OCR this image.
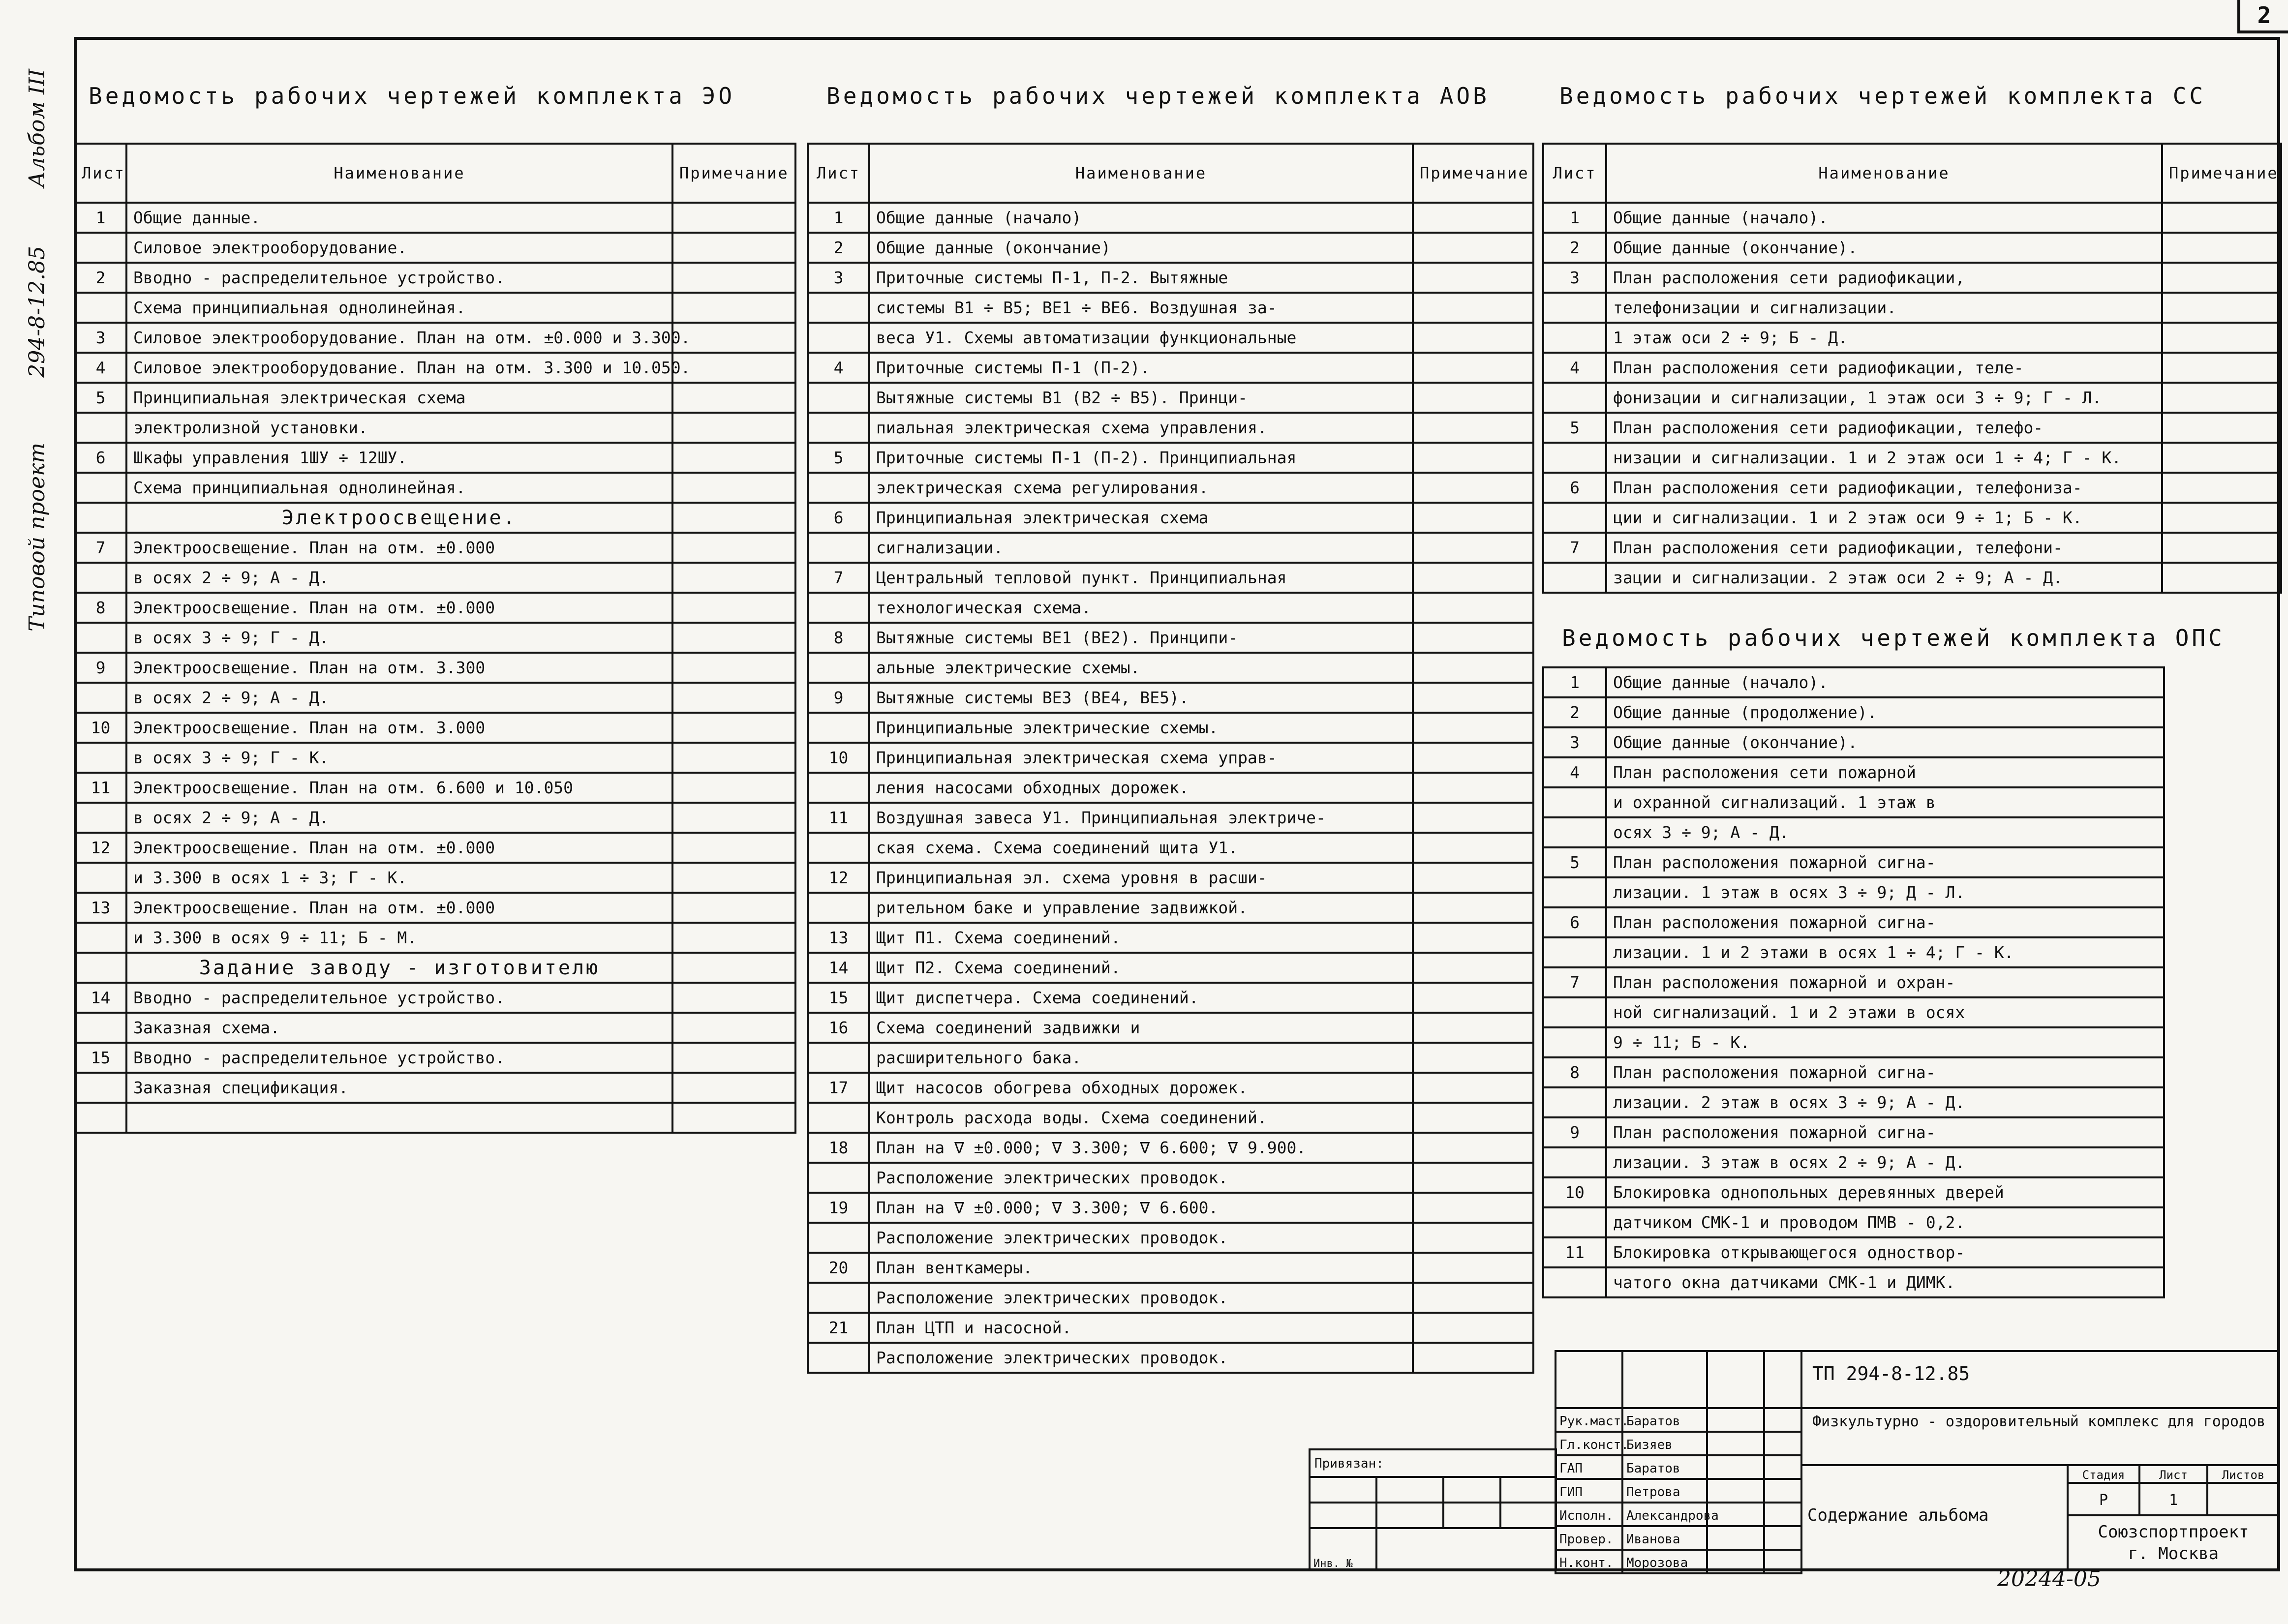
2
Альбом III
294-8-12.85
Типовой проект
Ведомость рабочих чертежей комплекта ЭО	Ведомость рабочих чертежей комплекта АОВ	Ведомость рабочих чертежей комплекта СС
Ведомость рабочих чертежей комплекта ОПС
Лист	Наименование	Примечание
1	Общие данные.	
	Силовое электрооборудование.	
2	Вводно - распределительное устройство.	
	Схема принципиальная однолинейная.	
3	Силовое электрооборудование. План на отм. ±0.000 и 3.300.	
4	Силовое электрооборудование. План на отм. 3.300 и 10.050.	
5	Принципиальная электрическая схема	
	электролизной установки.	
6	Шкафы управления 1ШУ ÷ 12ШУ.	
	Схема принципиальная однолинейная.	
	Электроосвещение.	
7	Электроосвещение. План на отм. ±0.000	
	в осях 2 ÷ 9; А - Д.	
8	Электроосвещение. План на отм. ±0.000	
	в осях 3 ÷ 9; Г - Д.	
9	Электроосвещение. План на отм. 3.300	
	в осях 2 ÷ 9; А - Д.	
10	Электроосвещение. План на отм. 3.000	
	в осях 3 ÷ 9; Г - К.	
11	Электроосвещение. План на отм. 6.600 и 10.050	
	в осях 2 ÷ 9; А - Д.	
12	Электроосвещение. План на отм. ±0.000	
	и 3.300 в осях 1 ÷ 3; Г - К.	
13	Электроосвещение. План на отм. ±0.000	
	и 3.300 в осях 9 ÷ 11; Б - М.	
	Задание заводу - изготовителю	
14	Вводно - распределительное устройство.	
	Заказная схема.	
15	Вводно - распределительное устройство.	
	Заказная спецификация.	

Лист	Наименование	Примечание
1	Общие данные (начало)	
2	Общие данные (окончание)	
3	Приточные системы П-1, П-2. Вытяжные	
	системы В1 ÷ В5; ВЕ1 ÷ ВЕ6. Воздушная за-	
	веса У1. Схемы автоматизации функциональные	
4	Приточные системы П-1 (П-2).	
	Вытяжные системы В1 (В2 ÷ В5). Принци-	
	пиальная электрическая схема управления.	
5	Приточные системы П-1 (П-2). Принципиальная	
	электрическая схема регулирования.	
6	Принципиальная электрическая схема	
	сигнализации.	
7	Центральный тепловой пункт. Принципиальная	
	технологическая схема.	
8	Вытяжные системы ВЕ1 (ВЕ2). Принципи-	
	альные электрические схемы.	
9	Вытяжные системы ВЕ3 (ВЕ4, ВЕ5).	
	Принципиальные электрические схемы.	
10	Принципиальная электрическая схема управ-	
	ления насосами обходных дорожек.	
11	Воздушная завеса У1. Принципиальная электриче-	
	ская схема. Схема соединений щита У1.	
12	Принципиальная эл. схема уровня в расши-	
	рительном баке и управление задвижкой.	
13	Щит П1. Схема соединений.	
14	Щит П2. Схема соединений.	
15	Щит диспетчера. Схема соединений.	
16	Схема соединений задвижки и	
	расширительного бака.	
17	Щит насосов обогрева обходных дорожек.	
	Контроль расхода воды. Схема соединений.	
18	План на ∇ ±0.000; ∇ 3.300; ∇ 6.600; ∇ 9.900.	
	Расположение электрических проводок.	
19	План на ∇ ±0.000; ∇ 3.300; ∇ 6.600.	
	Расположение электрических проводок.	
20	План венткамеры.	
	Расположение электрических проводок.	
21	План ЦТП и насосной.	
	Расположение электрических проводок.	
Лист	Наименование	Примечание
1	Общие данные (начало).	
2	Общие данные (окончание).	
3	План расположения сети радиофикации,	
	телефонизации и сигнализации.	
	1 этаж оси 2 ÷ 9; Б - Д.	
4	План расположения сети радиофикации, теле-	
	фонизации и сигнализации, 1 этаж оси 3 ÷ 9; Г - Л.	
5	План расположения сети радиофикации, телефо-	
	низации и сигнализации. 1 и 2 этаж оси 1 ÷ 4; Г - К.	
6	План расположения сети радиофикации, телефониза-	
	ции и сигнализации. 1 и 2 этаж оси 9 ÷ 1; Б - К.	
7	План расположения сети радиофикации, телефони-	
	зации и сигнализации. 2 этаж оси 2 ÷ 9; А - Д.	
1	Общие данные (начало).
2	Общие данные (продолжение).
3	Общие данные (окончание).
4	План расположения сети пожарной
	и охранной сигнализаций. 1 этаж в
	осях 3 ÷ 9; А - Д.
5	План расположения пожарной сигна-
	лизации. 1 этаж в осях 3 ÷ 9; Д - Л.
6	План расположения пожарной сигна-
	лизации. 1 и 2 этажи в осях 1 ÷ 4; Г - К.
7	План расположения пожарной и охран-
	ной сигнализаций. 1 и 2 этажи в осях
	9 ÷ 11; Б - К.
8	План расположения пожарной сигна-
	лизации. 2 этаж в осях 3 ÷ 9; А - Д.
9	План расположения пожарной сигна-
	лизации. 3 этаж в осях 2 ÷ 9; А - Д.
10	Блокировка однопольных деревянных дверей
	датчиком СМК-1 и проводом ПМВ - 0,2.
11	Блокировка открывающегося одноствор-
	чатого окна датчиками СМК-1 и ДИМК.
ТП 294-8-12.85
Рук.маст.
Баратов
Гл.конст.
Бизяев
ГАП	Баратов
ГИП	Петрова
Исполн.	Александрова
Провер.	Иванова
Н.конт.	Морозова
Физкультурно - оздоровительный комплекс для городов
Содержание альбома
Стадия	Лист	Листов
Р	1
Союзспортпроект
г. Москва
Привязан:
Инв. №
20244-05
